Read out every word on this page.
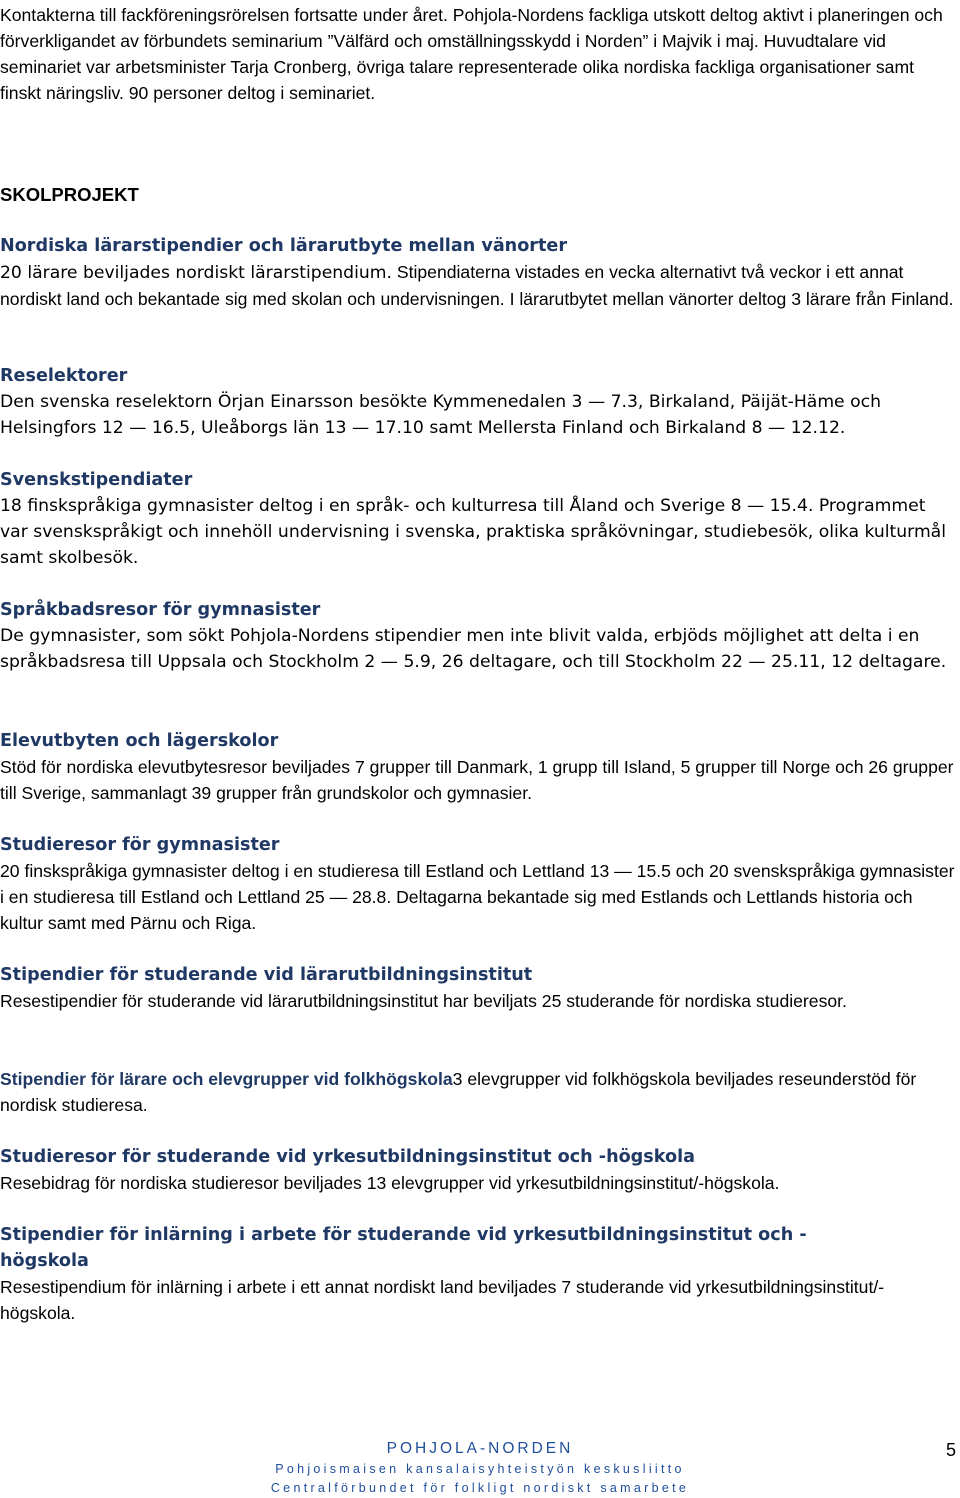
Kontakterna till fackföreningsrörelsen fortsatte under året. Pohjola-Nordens fackliga utskott deltog aktivt i planeringen och förverkligandet av förbundets seminarium ”Välfärd och omställningsskydd i Norden” i Majvik i maj. Huvudtalare vid seminariet var arbetsminister Tarja Cronberg, övriga talare representerade olika nordiska fackliga organisationer samt finskt näringsliv. 90 personer deltog i seminariet.
SKOLPROJEKT
Nordiska lärarstipendier och lärarutbyte mellan vänorter

20 lärare beviljades nordiskt lärarstipendium. Stipendiaterna vistades en vecka alternativt två veckor i ett annat nordiskt land och bekantade sig med skolan och undervisningen. I lärarutbytet mellan vänorter deltog 3 lärare från Finland.

Reselektorer

Den svenska reselektorn Örjan Einarsson besökte Kymmenedalen 3 — 7.3, Birkaland, Päijät-Häme och Helsingfors 12 — 16.5, Uleåborgs län 13 — 17.10 samt Mellersta Finland och Birkaland 8 — 12.12.

Svenskstipendiater

18 finskspråkiga gymnasister deltog i en språk- och kulturresa till Åland och Sverige 8 — 15.4. Programmet var svenskspråkigt och innehöll undervisning i svenska, praktiska språkövningar, studiebesök, olika kulturmål samt skolbesök.

Språkbadsresor för gymnasister

De gymnasister, som sökt Pohjola-Nordens stipendier men inte blivit valda, erbjöds möjlighet att delta i en språkbadsresa till Uppsala och Stockholm 2 — 5.9, 26 deltagare, och till Stockholm 22 — 25.11, 12 deltagare.

Elevutbyten och lägerskolor

Stöd för nordiska elevutbytesresor beviljades 7 grupper till Danmark, 1 grupp till Island, 5 grupper till Norge och 26 grupper till Sverige, sammanlagt 39 grupper från grundskolor och gymnasier.

Studieresor för gymnasister

20 finskspråkiga gymnasister deltog i en studieresa till Estland och Lettland 13 — 15.5 och 20 svenskspråkiga gymnasister i en studieresa till Estland och Lettland 25 — 28.8. Deltagarna bekantade sig med Estlands och Lettlands historia och kultur samt med Pärnu och Riga.

Stipendier för studerande vid lärarutbildningsinstitut

Resestipendier för studerande vid lärarutbildningsinstitut har beviljats 25 studerande för nordiska studieresor.

Stipendier för lärare och elevgrupper vid folkhögskola3 elevgrupper vid folkhögskola beviljades reseunderstöd för nordisk studieresa.

Studieresor för studerande vid yrkesutbildningsinstitut och -högskola

Resebidrag för nordiska studieresor beviljades 13 elevgrupper vid yrkesutbildningsinstitut/-högskola.

Stipendier för inlärning i arbete för studerande vid yrkesutbildningsinstitut och - högskola

Resestipendium för inlärning i arbete i ett annat nordiskt land beviljades 7 studerande vid yrkesutbildningsinstitut/-högskola.

POHJOLA-NORDEN
Pohjoismaisen kansalaisyhteistyön keskusliitto
Centralförbundet för folkligt nordiskt samarbete
5
